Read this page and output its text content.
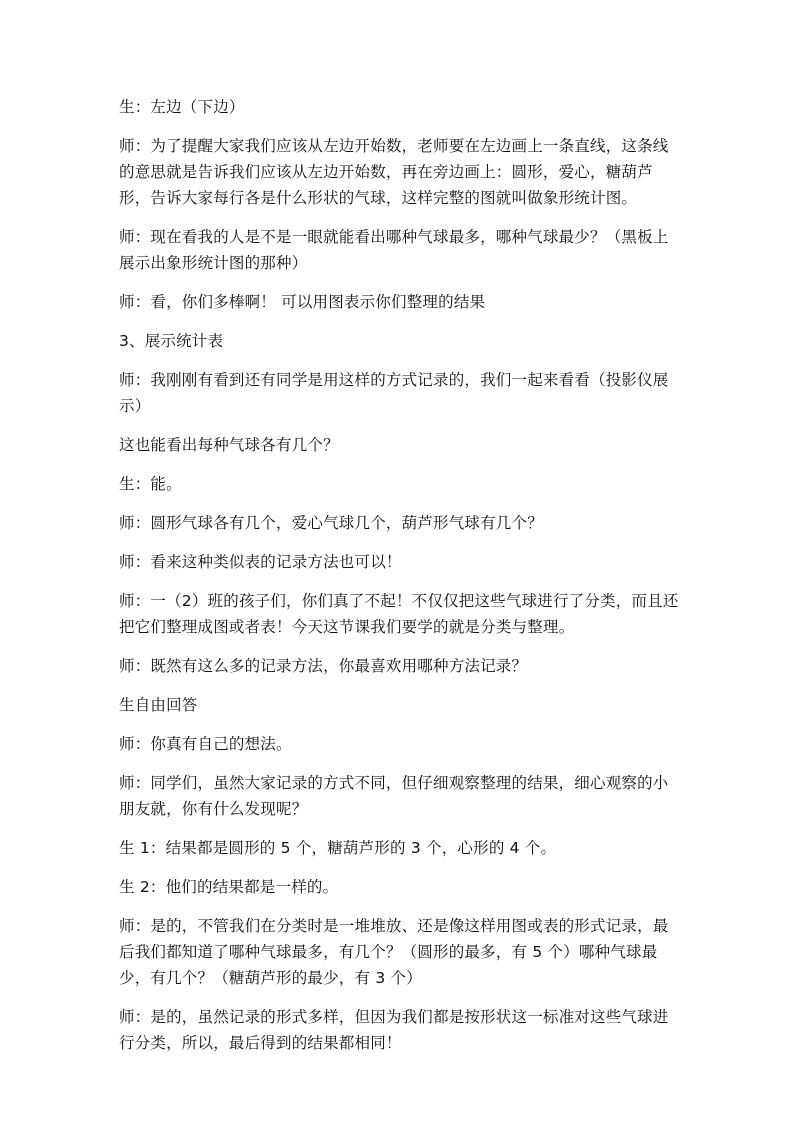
生：左边（下边）

师：为了提醒大家我们应该从左边开始数，老师要在左边画上一条直线，这条线的意思就是告诉我们应该从左边开始数，再在旁边画上：圆形，爱心，糖葫芦形，告诉大家每行各是什么形状的气球，这样完整的图就叫做象形统计图。

师：现在看我的人是不是一眼就能看出哪种气球最多，哪种气球最少？（黑板上展示出象形统计图的那种）

师：看，你们多棒啊！ 可以用图表示你们整理的结果

3、展示统计表

师：我刚刚有看到还有同学是用这样的方式记录的，我们一起来看看（投影仪展示）

这也能看出每种气球各有几个？

生：能。

师：圆形气球各有几个，爱心气球几个，葫芦形气球有几个？

师：看来这种类似表的记录方法也可以！

师：一（2）班的孩子们，你们真了不起！不仅仅把这些气球进行了分类，而且还把它们整理成图或者表！今天这节课我们要学的就是分类与整理。

师：既然有这么多的记录方法，你最喜欢用哪种方法记录？

生自由回答

师：你真有自己的想法。

师：同学们，虽然大家记录的方式不同，但仔细观察整理的结果，细心观察的小朋友就，你有什么发现呢？

生 1：结果都是圆形的 5 个，糖葫芦形的 3 个，心形的 4 个。

生 2：他们的结果都是一样的。

师：是的，不管我们在分类时是一堆堆放、还是像这样用图或表的形式记录，最后我们都知道了哪种气球最多，有几个？（圆形的最多，有 5 个）哪种气球最少，有几个？（糖葫芦形的最少，有 3 个）

师：是的，虽然记录的形式多样，但因为我们都是按形状这一标准对这些气球进行分类，所以，最后得到的结果都相同！
